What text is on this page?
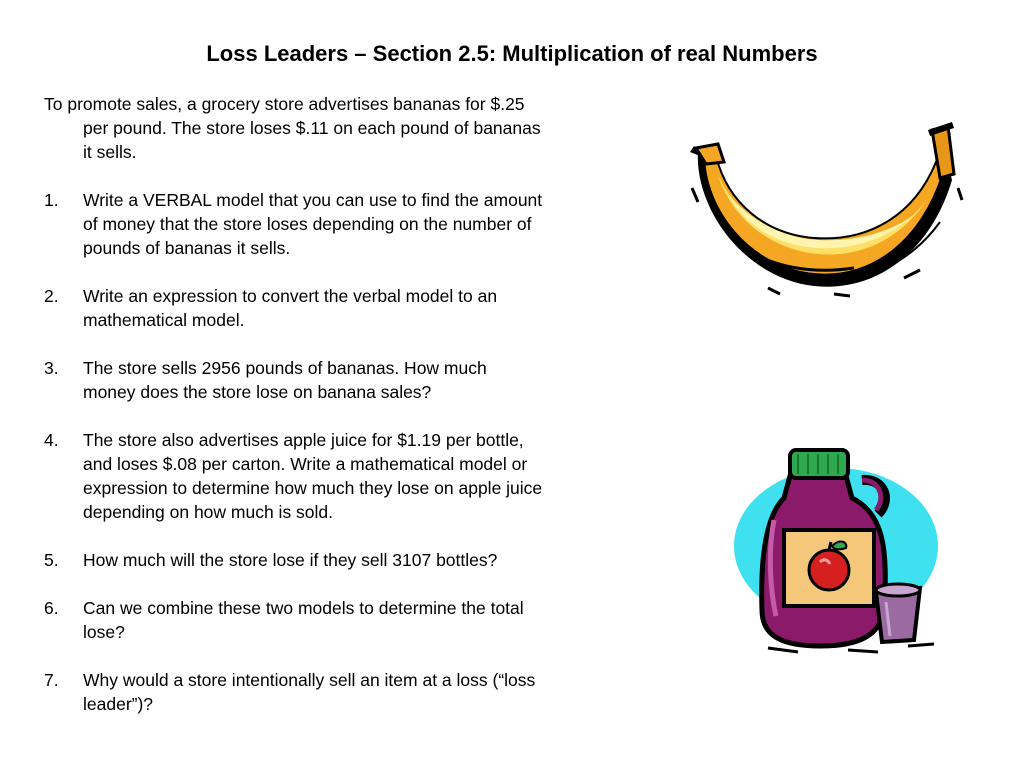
Loss Leaders – Section 2.5: Multiplication of real Numbers

To promote sales, a grocery store advertises bananas for $.25 per pound. The store loses $.11 on each pound of bananas it sells.

1. Write a VERBAL model that you can use to find the amount of money that the store loses depending on the number of pounds of bananas it sells.
2. Write an expression to convert the verbal model to an mathematical model.
3. The store sells 2956 pounds of bananas. How much money does the store lose on banana sales?
4. The store also advertises apple juice for $1.19 per bottle, and loses $.08 per carton. Write a mathematical model or expression to determine how much they lose on apple juice depending on how much is sold.
5. How much will the store lose if they sell 3107 bottles?
6. Can we combine these two models to determine the total lose?
7. Why would a store intentionally sell an item at a loss (“loss leader”)?
